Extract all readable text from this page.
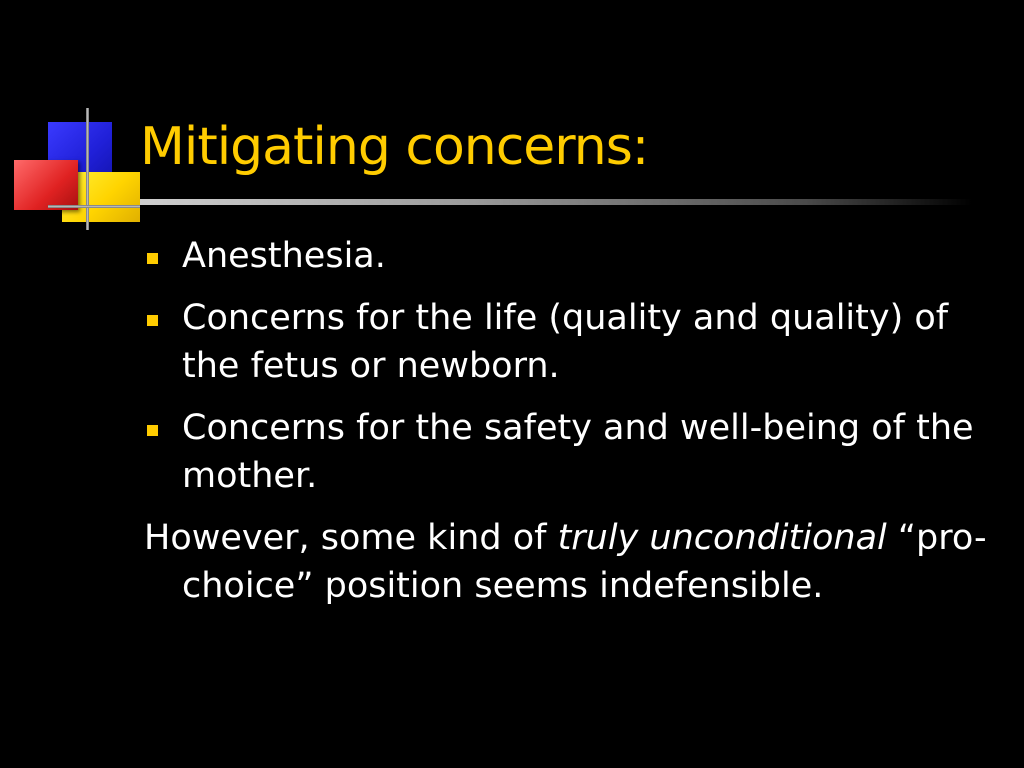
Mitigating concerns:
Anesthesia.
Concerns for the life (quality and quality) of the fetus or newborn.
Concerns for the safety and well-being of the mother.

However, some kind of truly unconditional “pro-choice” position seems indefensible.
